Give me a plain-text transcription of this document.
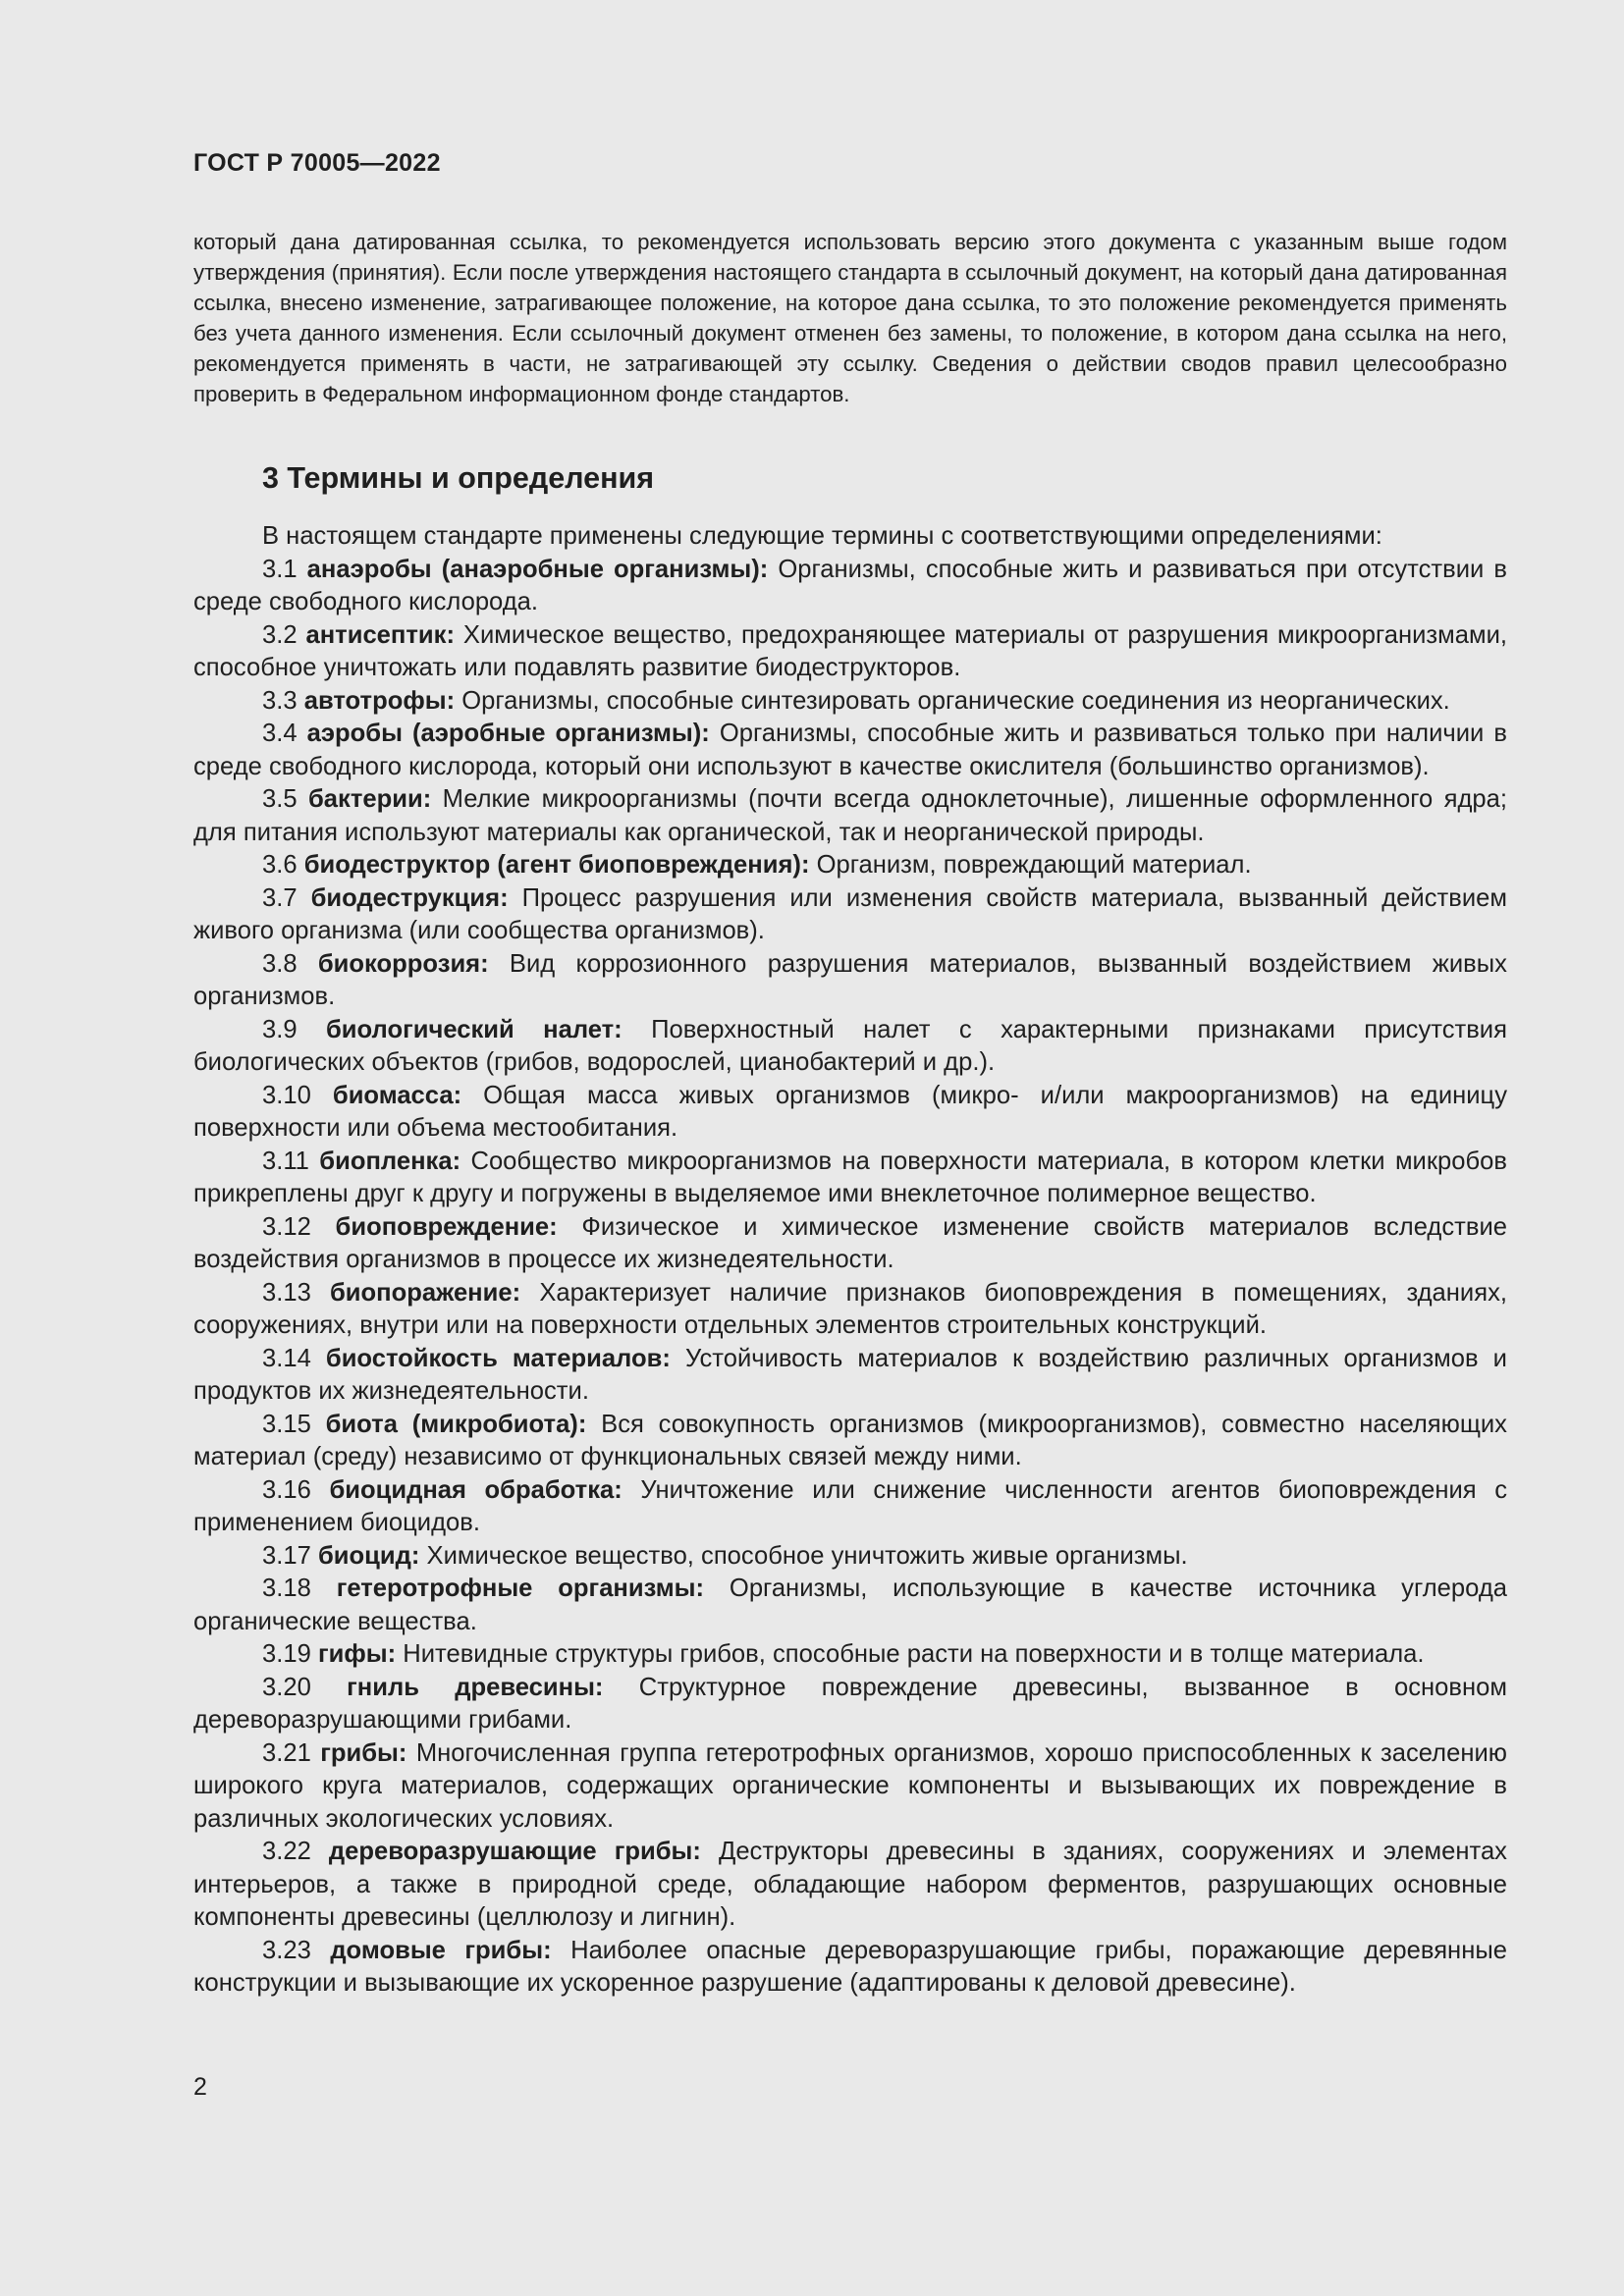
ГОСТ Р 70005—2022

который дана датированная ссылка, то рекомендуется использовать версию этого документа с указанным выше годом утверждения (принятия). Если после утверждения настоящего стандарта в ссылочный документ, на который дана датированная ссылка, внесено изменение, затрагивающее положение, на которое дана ссылка, то это положение рекомендуется применять без учета данного изменения. Если ссылочный документ отменен без замены, то положение, в котором дана ссылка на него, рекомендуется применять в части, не затрагивающей эту ссылку. Сведения о действии сводов правил целесообразно проверить в Федеральном информационном фонде стандартов.

3 Термины и определения

В настоящем стандарте применены следующие термины с соответствующими определениями:

3.1 анаэробы (анаэробные организмы): Организмы, способные жить и развиваться при отсутствии в среде свободного кислорода.

3.2 антисептик: Химическое вещество, предохраняющее материалы от разрушения микроорганизмами, способное уничтожать или подавлять развитие биодеструкторов.

3.3 автотрофы: Организмы, способные синтезировать органические соединения из неорганических.

3.4 аэробы (аэробные организмы): Организмы, способные жить и развиваться только при наличии в среде свободного кислорода, который они используют в качестве окислителя (большинство организмов).

3.5 бактерии: Мелкие микроорганизмы (почти всегда одноклеточные), лишенные оформленного ядра; для питания используют материалы как органической, так и неорганической природы.

3.6 биодеструктор (агент биоповреждения): Организм, повреждающий материал.

3.7 биодеструкция: Процесс разрушения или изменения свойств материала, вызванный действием живого организма (или сообщества организмов).

3.8 биокоррозия: Вид коррозионного разрушения материалов, вызванный воздействием живых организмов.

3.9 биологический налет: Поверхностный налет с характерными признаками присутствия биологических объектов (грибов, водорослей, цианобактерий и др.).

3.10 биомасса: Общая масса живых организмов (микро- и/или макроорганизмов) на единицу поверхности или объема местообитания.

3.11 биопленка: Сообщество микроорганизмов на поверхности материала, в котором клетки микробов прикреплены друг к другу и погружены в выделяемое ими внеклеточное полимерное вещество.

3.12 биоповреждение: Физическое и химическое изменение свойств материалов вследствие воздействия организмов в процессе их жизнедеятельности.

3.13 биопоражение: Характеризует наличие признаков биоповреждения в помещениях, зданиях, сооружениях, внутри или на поверхности отдельных элементов строительных конструкций.

3.14 биостойкость материалов: Устойчивость материалов к воздействию различных организмов и продуктов их жизнедеятельности.

3.15 биота (микробиота): Вся совокупность организмов (микроорганизмов), совместно населяющих материал (среду) независимо от функциональных связей между ними.

3.16 биоцидная обработка: Уничтожение или снижение численности агентов биоповреждения с применением биоцидов.

3.17 биоцид: Химическое вещество, способное уничтожить живые организмы.

3.18 гетеротрофные организмы: Организмы, использующие в качестве источника углерода органические вещества.

3.19 гифы: Нитевидные структуры грибов, способные расти на поверхности и в толще материала.

3.20 гниль древесины: Структурное повреждение древесины, вызванное в основном дереворазрушающими грибами.

3.21 грибы: Многочисленная группа гетеротрофных организмов, хорошо приспособленных к заселению широкого круга материалов, содержащих органические компоненты и вызывающих их повреждение в различных экологических условиях.

3.22 дереворазрушающие грибы: Деструкторы древесины в зданиях, сооружениях и элементах интерьеров, а также в природной среде, обладающие набором ферментов, разрушающих основные компоненты древесины (целлюлозу и лигнин).

3.23 домовые грибы: Наиболее опасные дереворазрушающие грибы, поражающие деревянные конструкции и вызывающие их ускоренное разрушение (адаптированы к деловой древесине).

2
